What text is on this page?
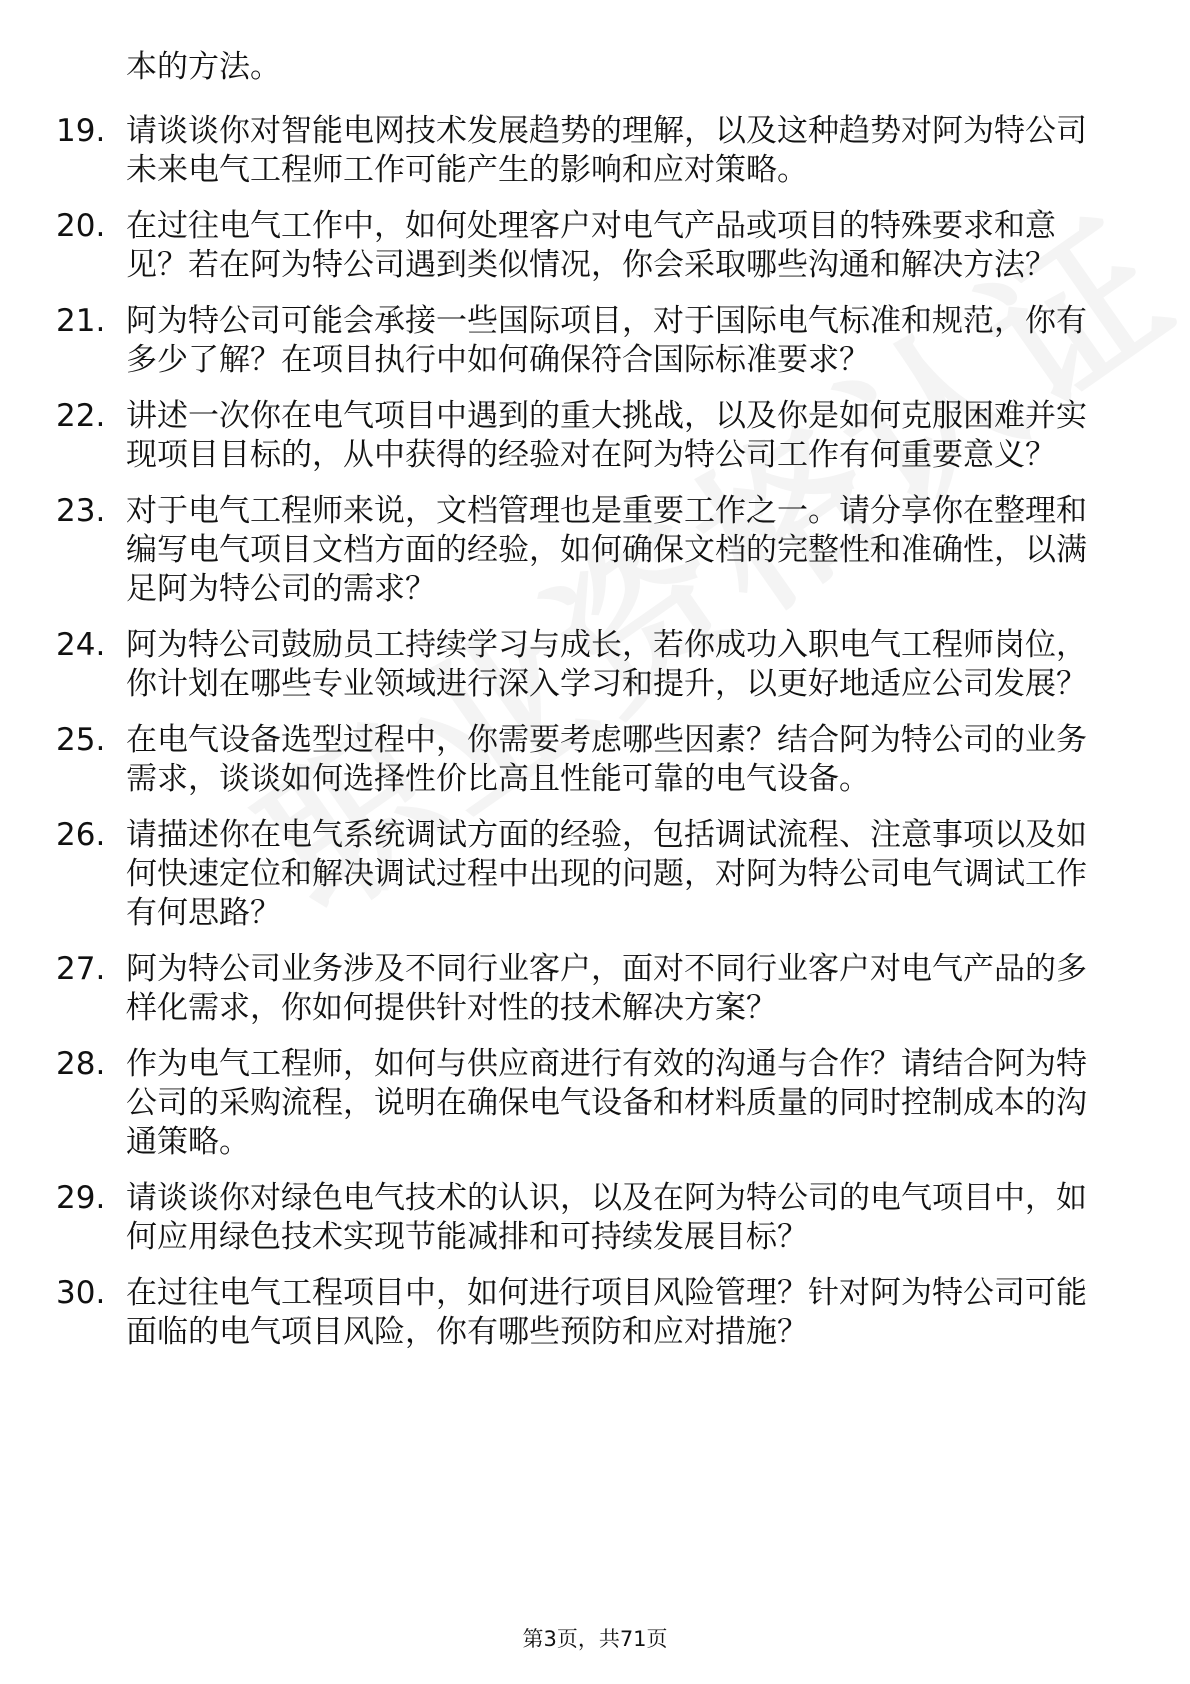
本的方法。
19. 请谈谈你对智能电网技术发展趋势的理解，以及这种趋势对阿为特公司未来电气工程师工作可能产生的影响和应对策略。
20. 在过往电气工作中，如何处理客户对电气产品或项目的特殊要求和意见？若在阿为特公司遇到类似情况，你会采取哪些沟通和解决方法？
21. 阿为特公司可能会承接一些国际项目，对于国际电气标准和规范，你有多少了解？在项目执行中如何确保符合国际标准要求？
22. 讲述一次你在电气项目中遇到的重大挑战，以及你是如何克服困难并实现项目目标的，从中获得的经验对在阿为特公司工作有何重要意义？
23. 对于电气工程师来说，文档管理也是重要工作之一。请分享你在整理和编写电气项目文档方面的经验，如何确保文档的完整性和准确性，以满足阿为特公司的需求？
24. 阿为特公司鼓励员工持续学习与成长，若你成功入职电气工程师岗位，你计划在哪些专业领域进行深入学习和提升，以更好地适应公司发展？
25. 在电气设备选型过程中，你需要考虑哪些因素？结合阿为特公司的业务需求，谈谈如何选择性价比高且性能可靠的电气设备。
26. 请描述你在电气系统调试方面的经验，包括调试流程、注意事项以及如何快速定位和解决调试过程中出现的问题，对阿为特公司电气调试工作有何思路？
27. 阿为特公司业务涉及不同行业客户，面对不同行业客户对电气产品的多样化需求，你如何提供针对性的技术解决方案？
28. 作为电气工程师，如何与供应商进行有效的沟通与合作？请结合阿为特公司的采购流程，说明在确保电气设备和材料质量的同时控制成本的沟通策略。
29. 请谈谈你对绿色电气技术的认识，以及在阿为特公司的电气项目中，如何应用绿色技术实现节能减排和可持续发展目标？
30. 在过往电气工程项目中，如何进行项目风险管理？针对阿为特公司可能面临的电气项目风险，你有哪些预防和应对措施？
第3页，共71页
